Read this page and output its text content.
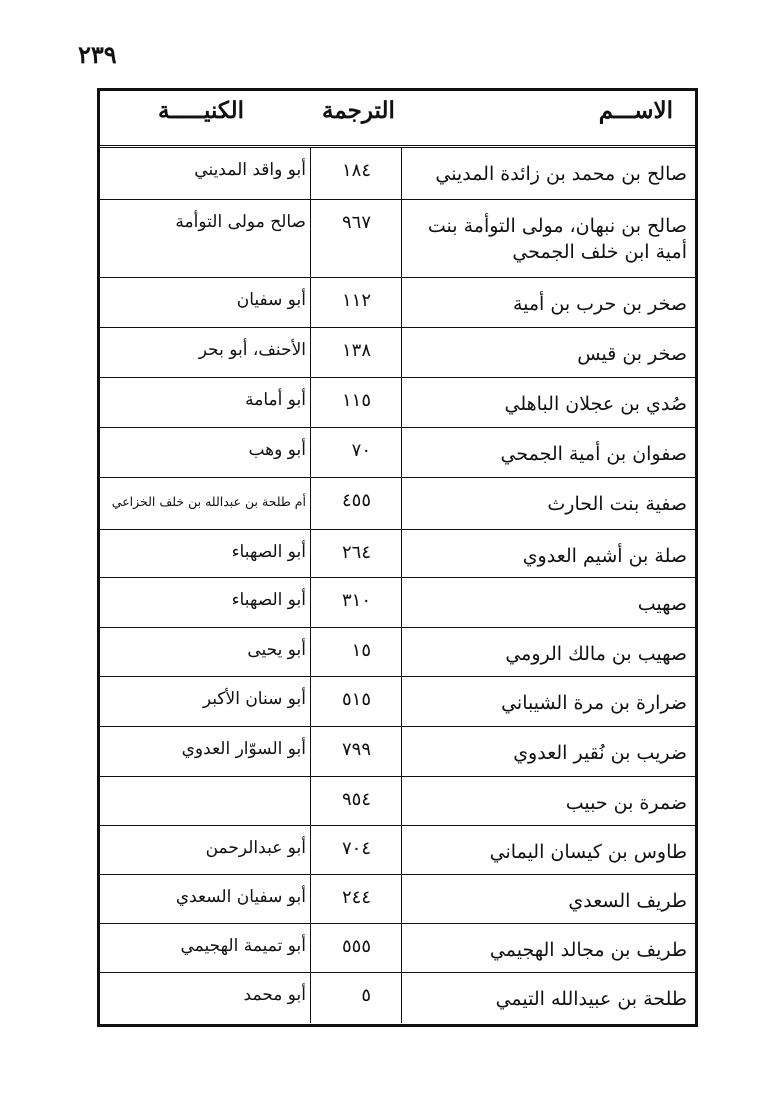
٢٣٩
الاســـم
الترجمة
الكنيـــــة
صالح بن محمد بن زائدة المديني
١٨٤
أبو واقد المديني
صالح بن نبهان، مولى التوأمة بنت أمية ابن خلف الجمحي
٩٦٧
صالح مولى التوأمة
صخر بن حرب بن أمية
١١٢
أبو سفيان
صخر بن قيس
١٣٨
الأحنف، أبو بحر
صُدي بن عجلان الباهلي
١١٥
أبو أمامة
صفوان بن أمية الجمحي
٧٠
أبو وهب
صفية بنت الحارث
٤٥٥
أم طلحة بن عبدالله بن خلف الخزاعي
صلة بن أشيم العدوي
٢٦٤
أبو الصهباء
صهيب
٣١٠
أبو الصهباء
صهيب بن مالك الرومي
١٥
أبو يحيى
ضرارة بن مرة الشيباني
٥١٥
أبو سنان الأكبر
ضريب بن نُقير العدوي
٧٩٩
أبو السوّار العدوي
ضمرة بن حبيب
٩٥٤
طاوس بن كيسان اليماني
٧٠٤
أبو عبدالرحمن
طريف السعدي
٢٤٤
أبو سفيان السعدي
طريف بن مجالد الهجيمي
٥٥٥
أبو تميمة الهجيمي
طلحة بن عبيدالله التيمي
٥
أبو محمد
